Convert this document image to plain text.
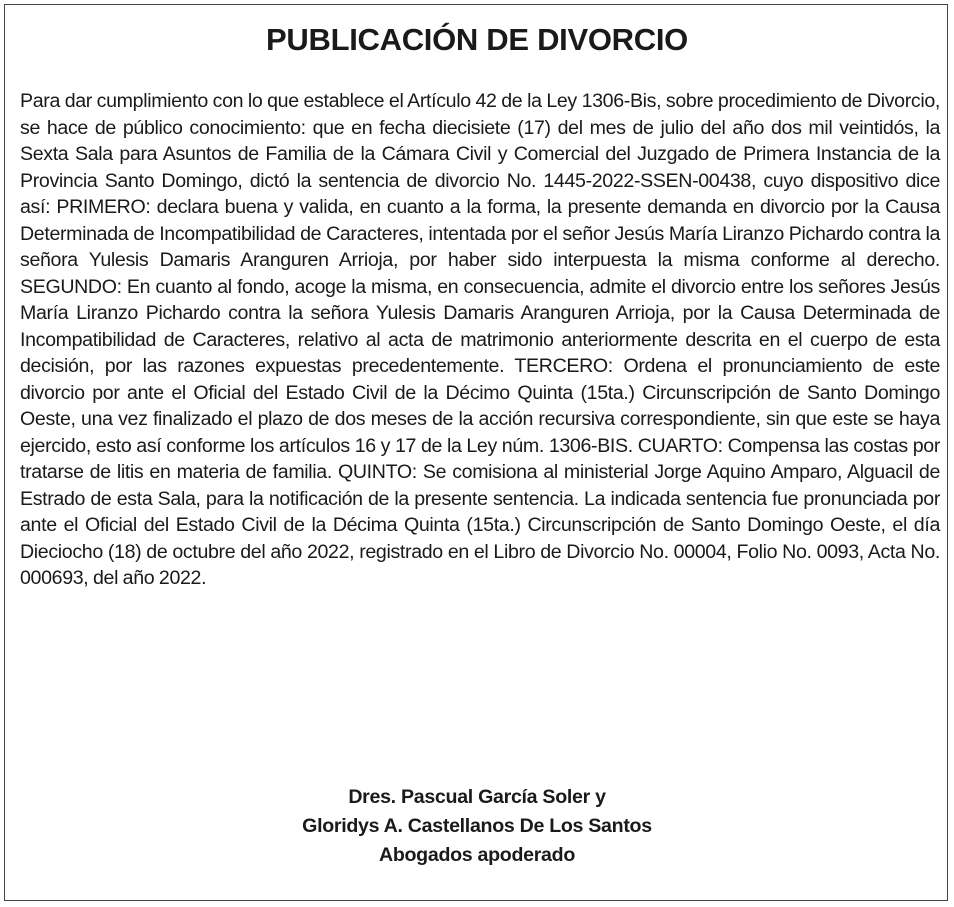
PUBLICACIÓN DE DIVORCIO

Para dar cumplimiento con lo que establece el Artículo 42 de la Ley 1306-Bis, sobre procedimiento de Divorcio, se hace de público conocimiento: que en fecha diecisiete (17) del mes de julio del año dos mil veintidós, la Sexta Sala para Asuntos de Familia de la Cámara Civil y Comercial del Juzgado de Primera Instancia de la Provincia Santo Domingo, dictó la sentencia de divorcio No. 1445-2022-SSEN-00438, cuyo dispositivo dice así: PRIMERO: declara buena y valida, en cuanto a la forma, la presente demanda en divorcio por la Causa Determinada de Incompatibilidad de Caracteres, intentada por el señor Jesús María Liranzo Pichardo contra la señora Yulesis Damaris Aranguren Arrioja, por haber sido interpuesta la misma conforme al derecho. SEGUNDO: En cuanto al fondo, acoge la misma, en consecuencia, admite el divorcio entre los señores Jesús María Liranzo Pichardo contra la señora Yulesis Damaris Aranguren Arrioja, por la Causa Determinada de Incompatibilidad de Caracteres, relativo al acta de matrimonio anteriormente descrita en el cuerpo de esta decisión, por las razones expuestas precedentemente. TERCERO: Ordena el pronunciamiento de este divorcio por ante el Oficial del Estado Civil de la Décimo Quinta (15ta.) Circunscripción de Santo Domingo Oeste, una vez finalizado el plazo de dos meses de la acción recursiva correspondiente, sin que este se haya ejercido, esto así conforme los artículos 16 y 17 de la Ley núm. 1306-BIS. CUARTO: Compensa las costas por tratarse de litis en materia de familia. QUINTO: Se comisiona al ministerial Jorge Aquino Amparo, Alguacil de Estrado de esta Sala, para la notificación de la presente sentencia. La indicada sentencia fue pronunciada por ante el Oficial del Estado Civil de la Décima Quinta (15ta.) Circunscripción de Santo Domingo Oeste, el día Dieciocho (18) de octubre del año 2022, registrado en el Libro de Divorcio No. 00004, Folio No. 0093, Acta No. 000693, del año 2022.

Dres. Pascual García Soler y
Gloridys A. Castellanos De Los Santos
Abogados apoderado
